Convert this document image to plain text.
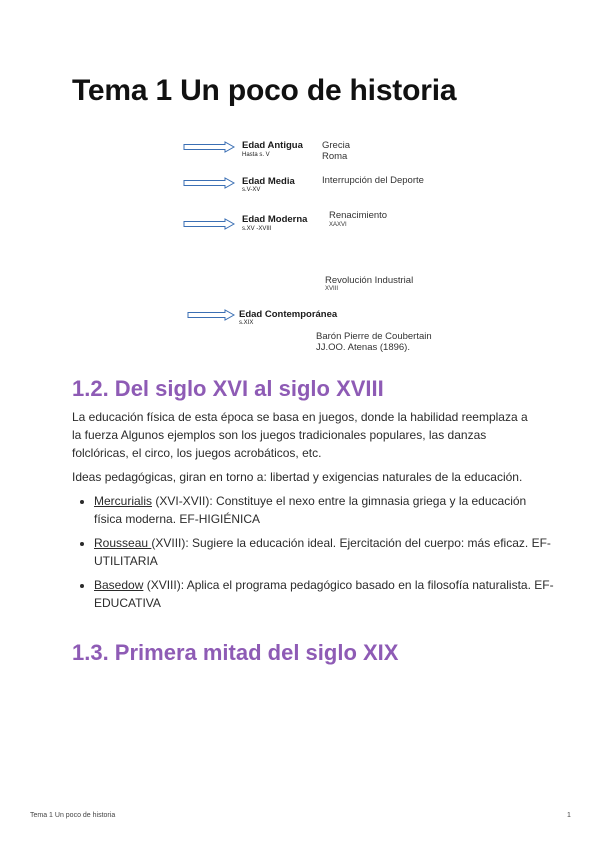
Tema 1 Un poco de historia
Edad Antigua
Hasta s. V
Grecia
Roma
Edad Media
s.V-XV
Interrupción del Deporte
Edad Moderna
s.XV -XVIII
Renacimiento
XAXVI
Revolución Industrial
XVIII
Edad Contemporánea
s.XIX
Barón Pierre de Coubertain
JJ.OO. Atenas (1896).
1.2. Del siglo XVI al siglo XVIII

La educación física de esta época se basa en juegos, donde la habilidad reemplaza a la fuerza Algunos ejemplos son los juegos tradicionales populares, las danzas folclóricas, el circo, los juegos acrobáticos, etc.

Ideas pedagógicas, giran en torno a: libertad y exigencias naturales de la educación.

• Mercurialis (XVI-XVII): Constituye el nexo entre la gimnasia griega y la educación física moderna. EF-HIGIÉNICA
• Rousseau (XVIII): Sugiere la educación ideal. Ejercitación del cuerpo: más eficaz. EF-UTILITARIA
• Basedow (XVIII): Aplica el programa pedagógico basado en la filosofía naturalista. EF-EDUCATIVA
1.3. Primera mitad del siglo XIX
Tema 1 Un poco de historia	1
